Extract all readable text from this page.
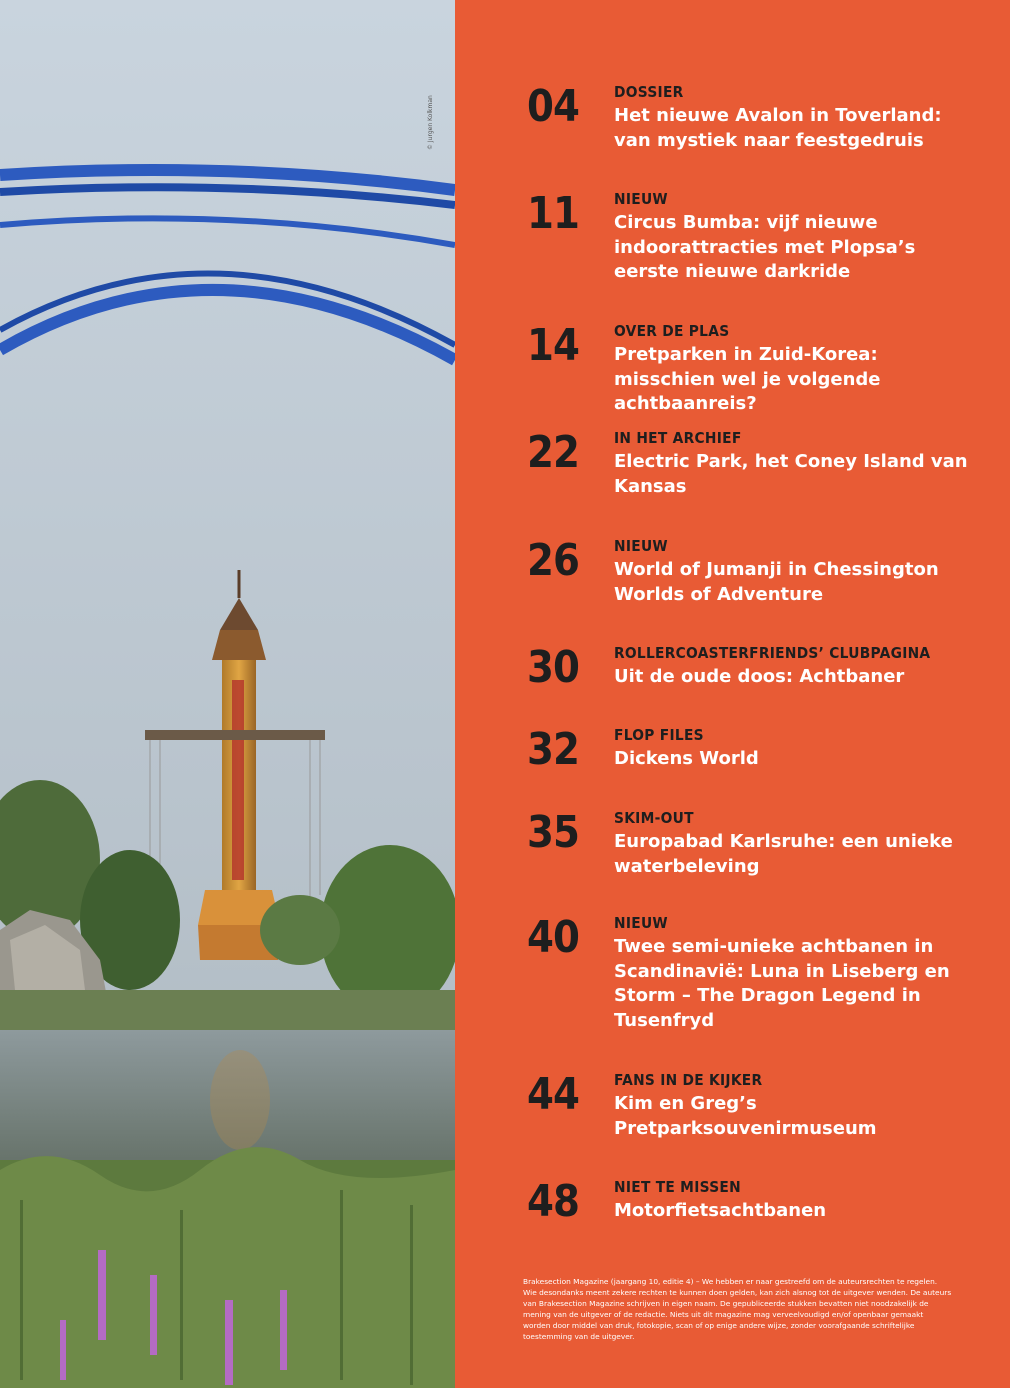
© Jurgen Kolkman 04	DOSSIER
Het nieuwe Avalon in Toverland: van mystiek naar feestgedruis
11	NIEUW
Circus Bumba: vijf nieuwe indoorattracties met Plopsa’s eerste nieuwe darkride
14	OVER DE PLAS
Pretparken in Zuid-Korea: misschien wel je volgende achtbaanreis?
22	IN HET ARCHIEF
Electric Park, het Coney Island van Kansas
26	NIEUW
World of Jumanji in Chessington Worlds of Adventure
30	ROLLERCOASTERFRIENDS’ CLUBPAGINA
Uit de oude doos: Achtbaner
32	FLOP FILES
Dickens World
35	SKIM-OUT
Europabad Karlsruhe: een unieke waterbeleving
40	NIEUW
Twee semi-unieke achtbanen in Scandinavië: Luna in Liseberg en Storm – The Dragon Legend in Tusenfryd
44	FANS IN DE KIJKER
Kim en Greg’s Pretparksouvenirmuseum
48	NIET TE MISSEN
Motorfietsachtbanen
Brakesection Magazine (jaargang 10, editie 4) – We hebben er naar gestreefd om de auteursrechten te regelen. Wie desondanks meent zekere rechten te kunnen doen gelden, kan zich alsnog tot de uitgever wenden. De auteurs van Brakesection Magazine schrijven in eigen naam. De gepubliceerde stukken bevatten niet noodzakelijk de mening van de uitgever of de redactie. Niets uit dit magazine mag verveelvoudigd en/of openbaar gemaakt worden door middel van druk, fotokopie, scan of op enige andere wijze, zonder voorafgaande schriftelijke toestemming van de uitgever.
